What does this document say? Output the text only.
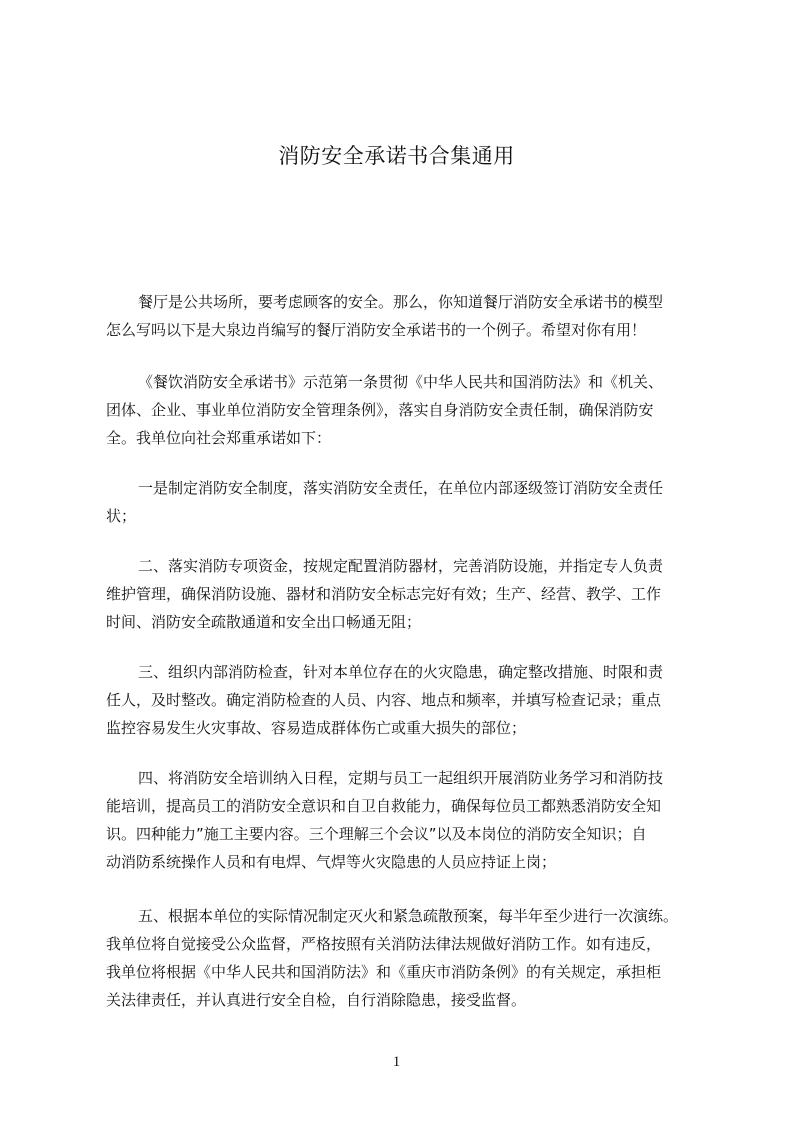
消防安全承诺书合集通用

餐厅是公共场所，要考虑顾客的安全。那么，你知道餐厅消防安全承诺书的模型
怎么写吗以下是大泉边肖编写的餐厅消防安全承诺书的一个例子。希望对你有用！

《餐饮消防安全承诺书》示范第一条贯彻《中华人民共和国消防法》和《机关、
团体、企业、事业单位消防安全管理条例》，落实自身消防安全责任制，确保消防安
全。我单位向社会郑重承诺如下：

一是制定消防安全制度，落实消防安全责任，在单位内部逐级签订消防安全责任
状；

二、落实消防专项资金，按规定配置消防器材，完善消防设施，并指定专人负责
维护管理，确保消防设施、器材和消防安全标志完好有效；生产、经营、教学、工作
时间、消防安全疏散通道和安全出口畅通无阻；

三、组织内部消防检查，针对本单位存在的火灾隐患，确定整改措施、时限和责
任人，及时整改。确定消防检查的人员、内容、地点和频率，并填写检查记录；重点
监控容易发生火灾事故、容易造成群体伤亡或重大损失的部位；

四、将消防安全培训纳入日程，定期与员工一起组织开展消防业务学习和消防技
能培训，提高员工的消防安全意识和自卫自救能力，确保每位员工都熟悉消防安全知
识。四种能力”施工主要内容。三个理解三个会议”以及本岗位的消防安全知识；自
动消防系统操作人员和有电焊、气焊等火灾隐患的人员应持证上岗；

五、根据本单位的实际情况制定灭火和紧急疏散预案，每半年至少进行一次演练。
我单位将自觉接受公众监督，严格按照有关消防法律法规做好消防工作。如有违反，
我单位将根据《中华人民共和国消防法》和《重庆市消防条例》的有关规定，承担柜
关法律责任，并认真进行安全自检，自行消除隐患，接受监督。

1
